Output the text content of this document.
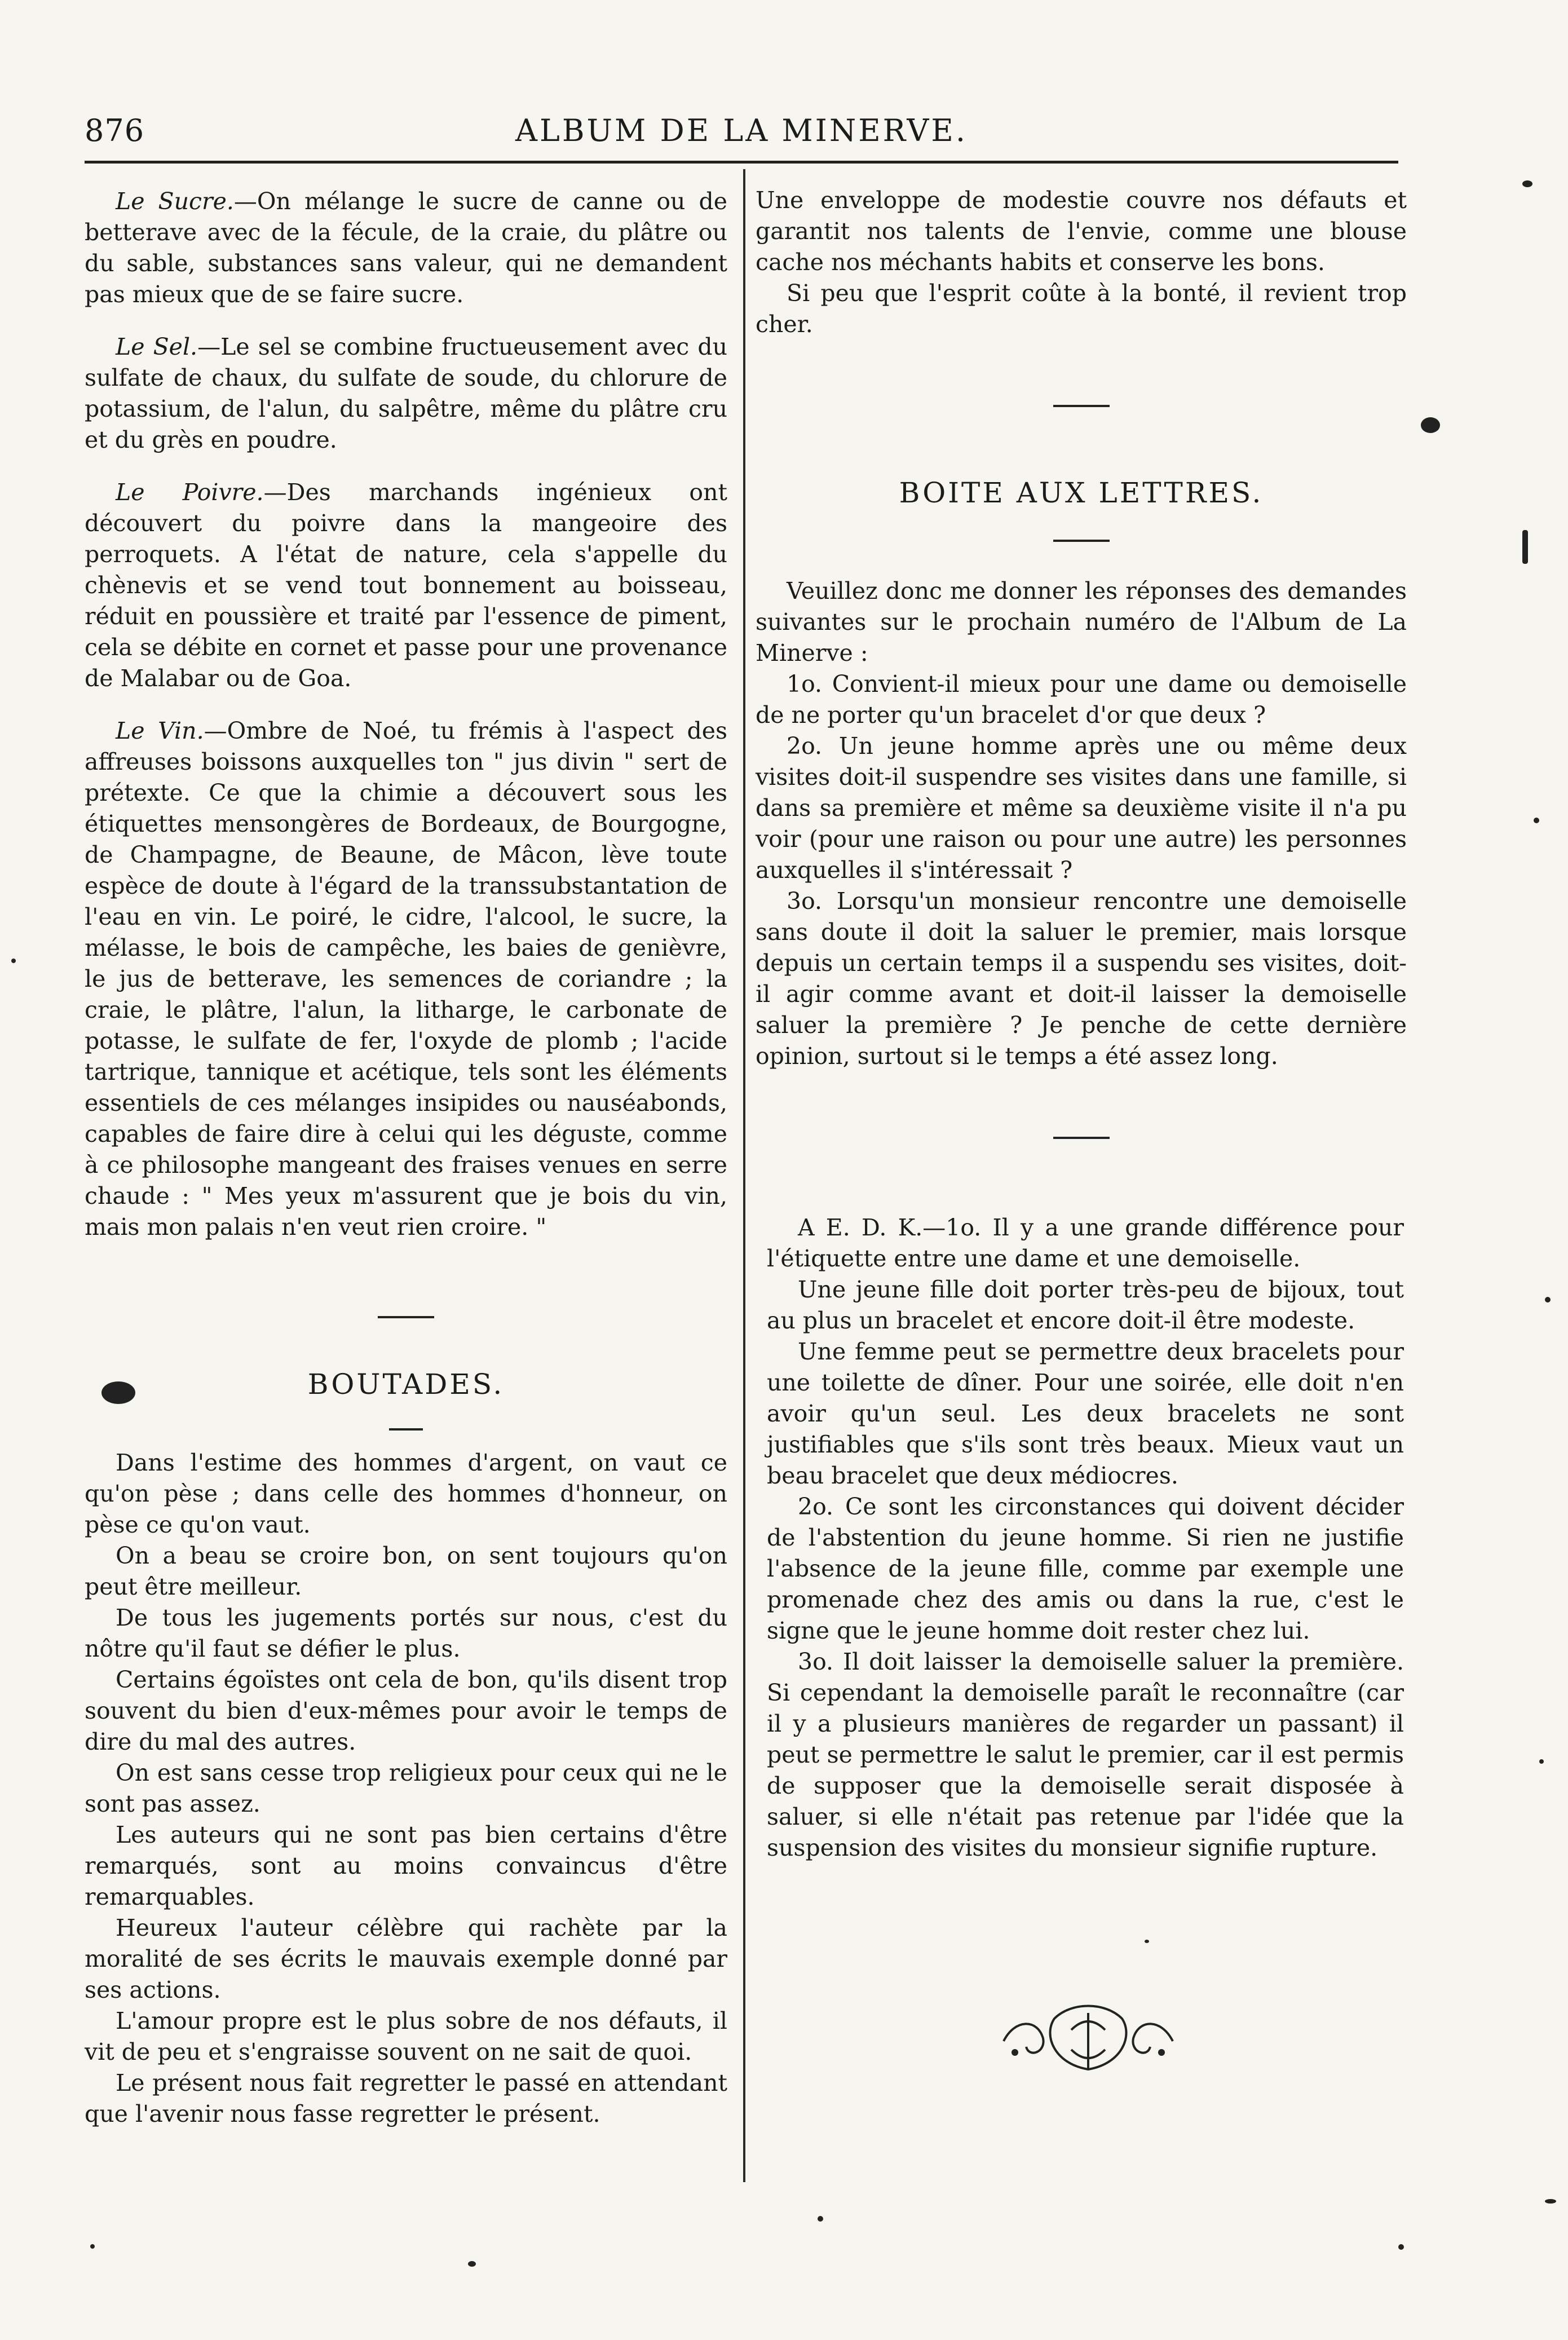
876	ALBUM DE LA MINERVE.

Le Sucre.—On mélange le sucre de canne ou de betterave avec de la fécule, de la craie, du plâtre ou du sable, substances sans valeur, qui ne demandent pas mieux que de se faire sucre.

Le Sel.—Le sel se combine fructueusement avec du sulfate de chaux, du sulfate de soude, du chlorure de potassium, de l'alun, du salpêtre, même du plâtre cru et du grès en poudre.

Le Poivre.—Des marchands ingénieux ont découvert du poivre dans la mangeoire des perroquets. A l'état de nature, cela s'appelle du chènevis et se vend tout bonnement au boisseau, réduit en poussière et traité par l'essence de piment, cela se débite en cornet et passe pour une provenance de Malabar ou de Goa.

Le Vin.—Ombre de Noé, tu frémis à l'aspect des affreuses boissons auxquelles ton " jus divin " sert de prétexte. Ce que la chimie a découvert sous les étiquettes mensongères de Bordeaux, de Bourgogne, de Champagne, de Beaune, de Mâcon, lève toute espèce de doute à l'égard de la transsubstantation de l'eau en vin. Le poiré, le cidre, l'alcool, le sucre, la mélasse, le bois de campêche, les baies de genièvre, le jus de betterave, les semences de coriandre ; la craie, le plâtre, l'alun, la litharge, le carbonate de potasse, le sulfate de fer, l'oxyde de plomb ; l'acide tartrique, tannique et acétique, tels sont les éléments essentiels de ces mélanges insipides ou nauséabonds, capables de faire dire à celui qui les déguste, comme à ce philosophe mangeant des fraises venues en serre chaude : " Mes yeux m'assurent que je bois du vin, mais mon palais n'en veut rien croire. "

BOUTADES.

Dans l'estime des hommes d'argent, on vaut ce qu'on pèse ; dans celle des hommes d'honneur, on pèse ce qu'on vaut.

On a beau se croire bon, on sent toujours qu'on peut être meilleur.

De tous les jugements portés sur nous, c'est du nôtre qu'il faut se défier le plus.

Certains égoïstes ont cela de bon, qu'ils disent trop souvent du bien d'eux-mêmes pour avoir le temps de dire du mal des autres.

On est sans cesse trop religieux pour ceux qui ne le sont pas assez.

Les auteurs qui ne sont pas bien certains d'être remarqués, sont au moins convaincus d'être remarquables.

Heureux l'auteur célèbre qui rachète par la moralité de ses écrits le mauvais exemple donné par ses actions.

L'amour propre est le plus sobre de nos défauts, il vit de peu et s'engraisse souvent on ne sait de quoi.

Le présent nous fait regretter le passé en attendant que l'avenir nous fasse regretter le présent.

Une enveloppe de modestie couvre nos défauts et garantit nos talents de l'envie, comme une blouse cache nos méchants habits et conserve les bons.

Si peu que l'esprit coûte à la bonté, il revient trop cher.

BOITE AUX LETTRES.

Veuillez donc me donner les réponses des demandes suivantes sur le prochain numéro de l'Album de La Minerve :

1o. Convient-il mieux pour une dame ou demoiselle de ne porter qu'un bracelet d'or que deux ?

2o. Un jeune homme après une ou même deux visites doit-il suspendre ses visites dans une famille, si dans sa première et même sa deuxième visite il n'a pu voir (pour une raison ou pour une autre) les personnes auxquelles il s'intéressait ?

3o. Lorsqu'un monsieur rencontre une demoiselle sans doute il doit la saluer le premier, mais lorsque depuis un certain temps il a suspendu ses visites, doit-il agir comme avant et doit-il laisser la demoiselle saluer la première ? Je penche de cette dernière opinion, surtout si le temps a été assez long.

A E. D. K.—1o. Il y a une grande différence pour l'étiquette entre une dame et une demoiselle.

Une jeune fille doit porter très-peu de bijoux, tout au plus un bracelet et encore doit-il être modeste.

Une femme peut se permettre deux bracelets pour une toilette de dîner. Pour une soirée, elle doit n'en avoir qu'un seul. Les deux bracelets ne sont justifiables que s'ils sont très beaux. Mieux vaut un beau bracelet que deux médiocres.

2o. Ce sont les circonstances qui doivent décider de l'abstention du jeune homme. Si rien ne justifie l'absence de la jeune fille, comme par exemple une promenade chez des amis ou dans la rue, c'est le signe que le jeune homme doit rester chez lui.

3o. Il doit laisser la demoiselle saluer la première. Si cependant la demoiselle paraît le reconnaître (car il y a plusieurs manières de regarder un passant) il peut se permettre le salut le premier, car il est permis de supposer que la demoiselle serait disposée à saluer, si elle n'était pas retenue par l'idée que la suspension des visites du monsieur signifie rupture.
